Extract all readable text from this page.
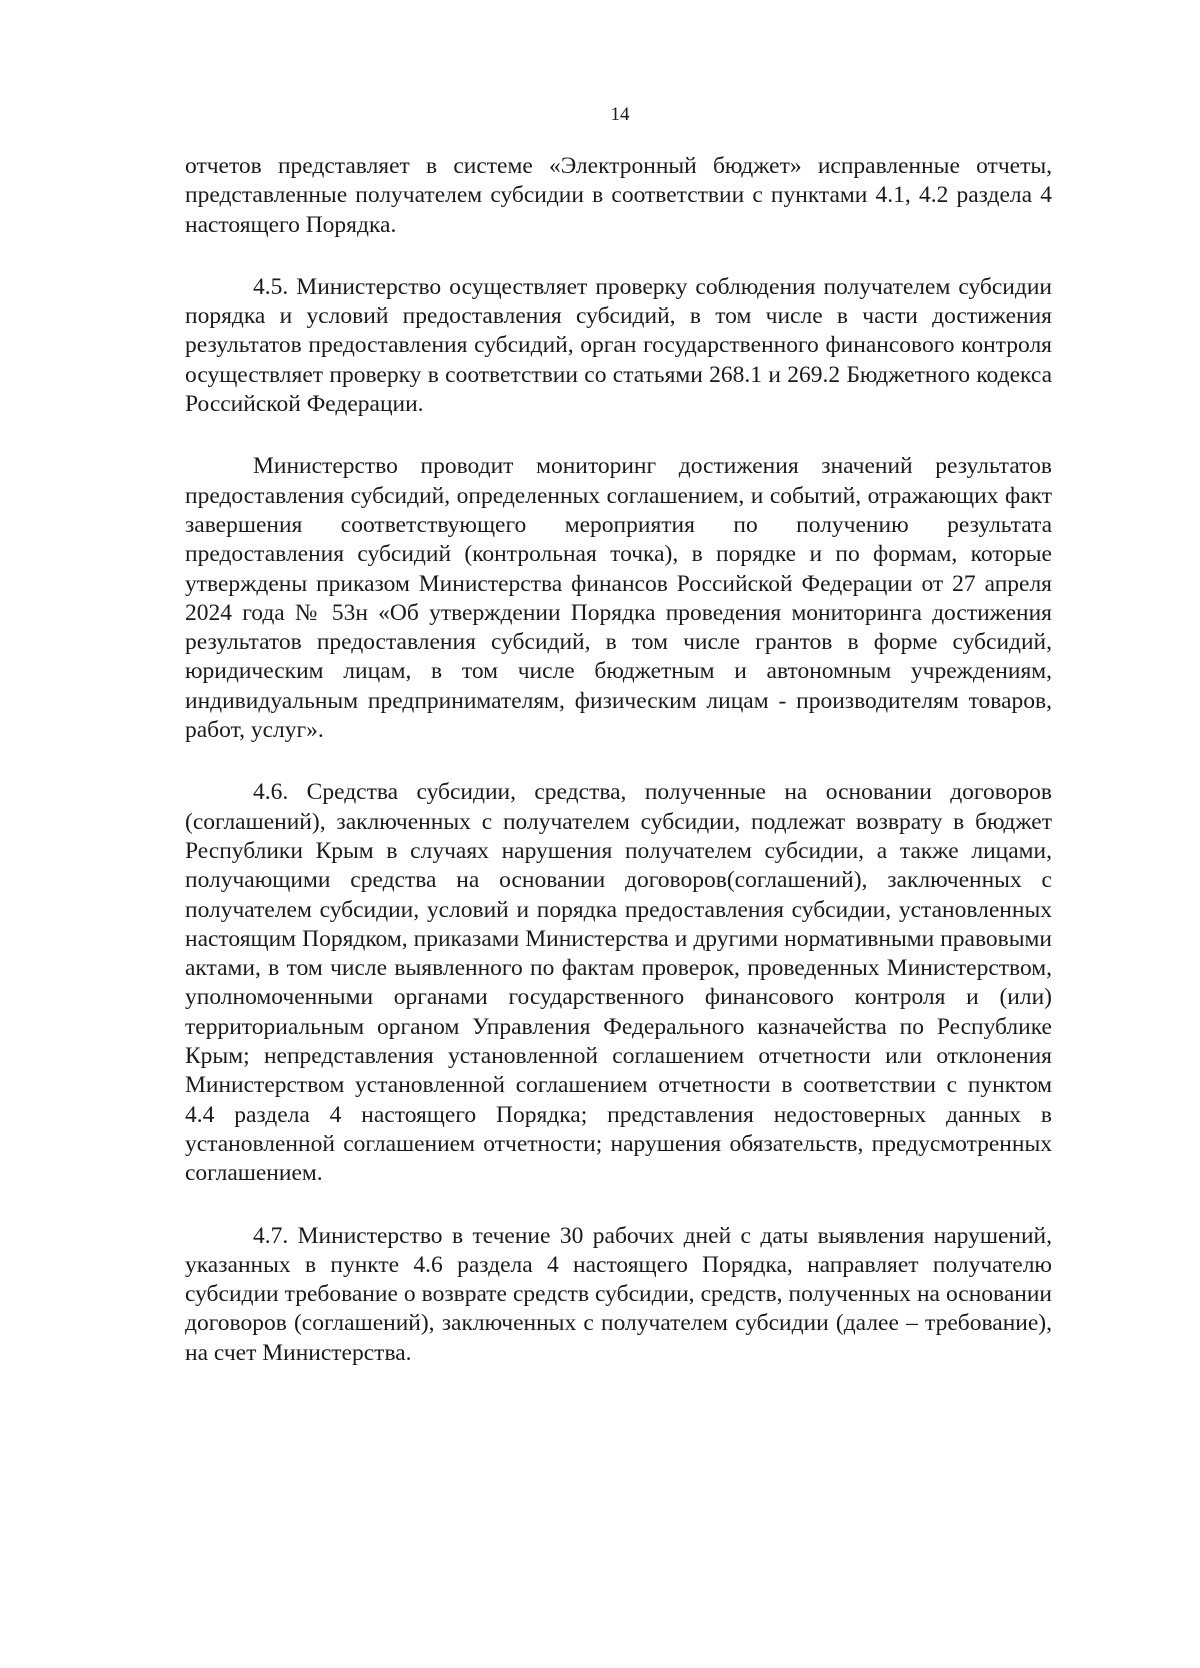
14

отчетов представляет в системе «Электронный бюджет» исправленные отчеты, представленные получателем субсидии в соответствии с пунктами 4.1, 4.2 раздела 4 настоящего Порядка.

4.5. Министерство осуществляет проверку соблюдения получателем субсидии порядка и условий предоставления субсидий, в том числе в части достижения результатов предоставления субсидий, орган государственного финансового контроля осуществляет проверку в соответствии со статьями 268.1 и 269.2 Бюджетного кодекса Российской Федерации.

Министерство проводит мониторинг достижения значений результатов предоставления субсидий, определенных соглашением, и событий, отражающих факт завершения соответствующего мероприятия по получению результата предоставления субсидий (контрольная точка), в порядке и по формам, которые утверждены приказом Министерства финансов Российской Федерации от 27 апреля 2024 года № 53н «Об утверждении Порядка проведения мониторинга достижения результатов предоставления субсидий, в том числе грантов в форме субсидий, юридическим лицам, в том числе бюджетным и автономным учреждениям, индивидуальным предпринимателям, физическим лицам - производителям товаров, работ, услуг».

4.6. Средства субсидии, средства, полученные на основании договоров (соглашений), заключенных с получателем субсидии, подлежат возврату в бюджет Республики Крым в случаях нарушения получателем субсидии, а также лицами, получающими средства на основании договоров(соглашений), заключенных с получателем субсидии, условий и порядка предоставления субсидии, установленных настоящим Порядком, приказами Министерства и другими нормативными правовыми актами, в том числе выявленного по фактам проверок, проведенных Министерством, уполномоченными органами государственного финансового контроля и (или) территориальным органом Управления Федерального казначейства по Республике Крым; непредставления установленной соглашением отчетности или отклонения Министерством установленной соглашением отчетности в соответствии с пунктом 4.4 раздела 4 настоящего Порядка; представления недостоверных данных в установленной соглашением отчетности; нарушения обязательств, предусмотренных соглашением.

4.7. Министерство в течение 30 рабочих дней с даты выявления нарушений, указанных в пункте 4.6 раздела 4 настоящего Порядка, направляет получателю субсидии требование о возврате средств субсидии, средств, полученных на основании договоров (соглашений), заключенных с получателем субсидии (далее – требование), на счет Министерства.
